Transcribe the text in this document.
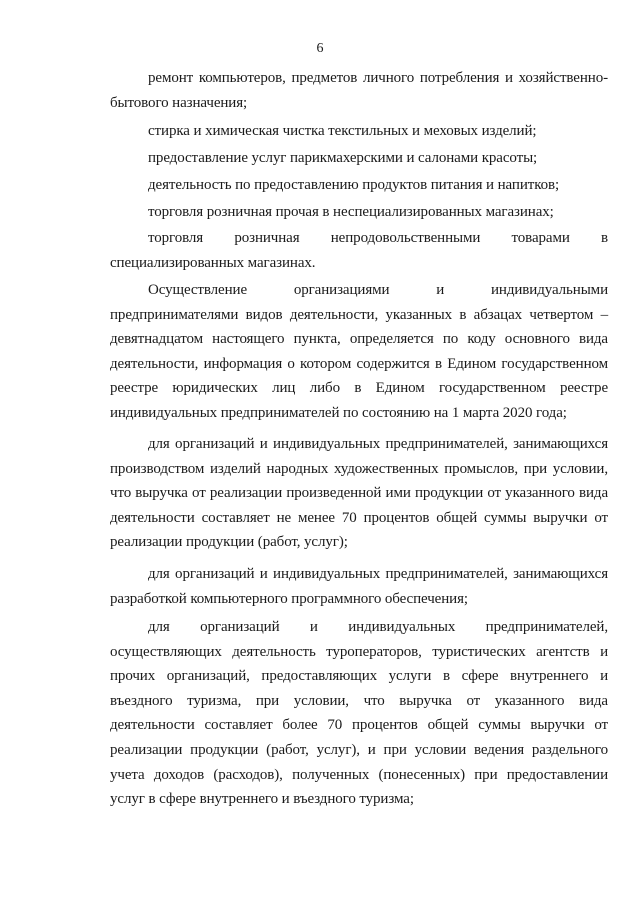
6

ремонт компьютеров, предметов личного потребления и хозяйственно-бытового назначения;

стирка и химическая чистка текстильных и меховых изделий;

предоставление услуг парикмахерскими и салонами красоты;

деятельность по предоставлению продуктов питания и напитков;

торговля розничная прочая в неспециализированных магазинах;

торговля розничная непродовольственными товарами в специализированных магазинах.

Осуществление организациями и индивидуальными предпринимателями видов деятельности, указанных в абзацах четвертом – девятнадцатом настоящего пункта, определяется по коду основного вида деятельности, информация о котором содержится в Едином государственном реестре юридических лиц либо в Едином государственном реестре индивидуальных предпринимателей по состоянию на 1 марта 2020 года;

для организаций и индивидуальных предпринимателей, занимающихся производством изделий народных художественных промыслов, при условии, что выручка от реализации произведенной ими продукции от указанного вида деятельности составляет не менее 70 процентов общей суммы выручки от реализации продукции (работ, услуг);

для организаций и индивидуальных предпринимателей, занимающихся разработкой компьютерного программного обеспечения;

для организаций и индивидуальных предпринимателей, осуществляющих деятельность туроператоров, туристических агентств и прочих организаций, предоставляющих услуги в сфере внутреннего и въездного туризма, при условии, что выручка от указанного вида деятельности составляет более 70 процентов общей суммы выручки от реализации продукции (работ, услуг), и при условии ведения раздельного учета доходов (расходов), полученных (понесенных) при предоставлении услуг в сфере внутреннего и въездного туризма;
